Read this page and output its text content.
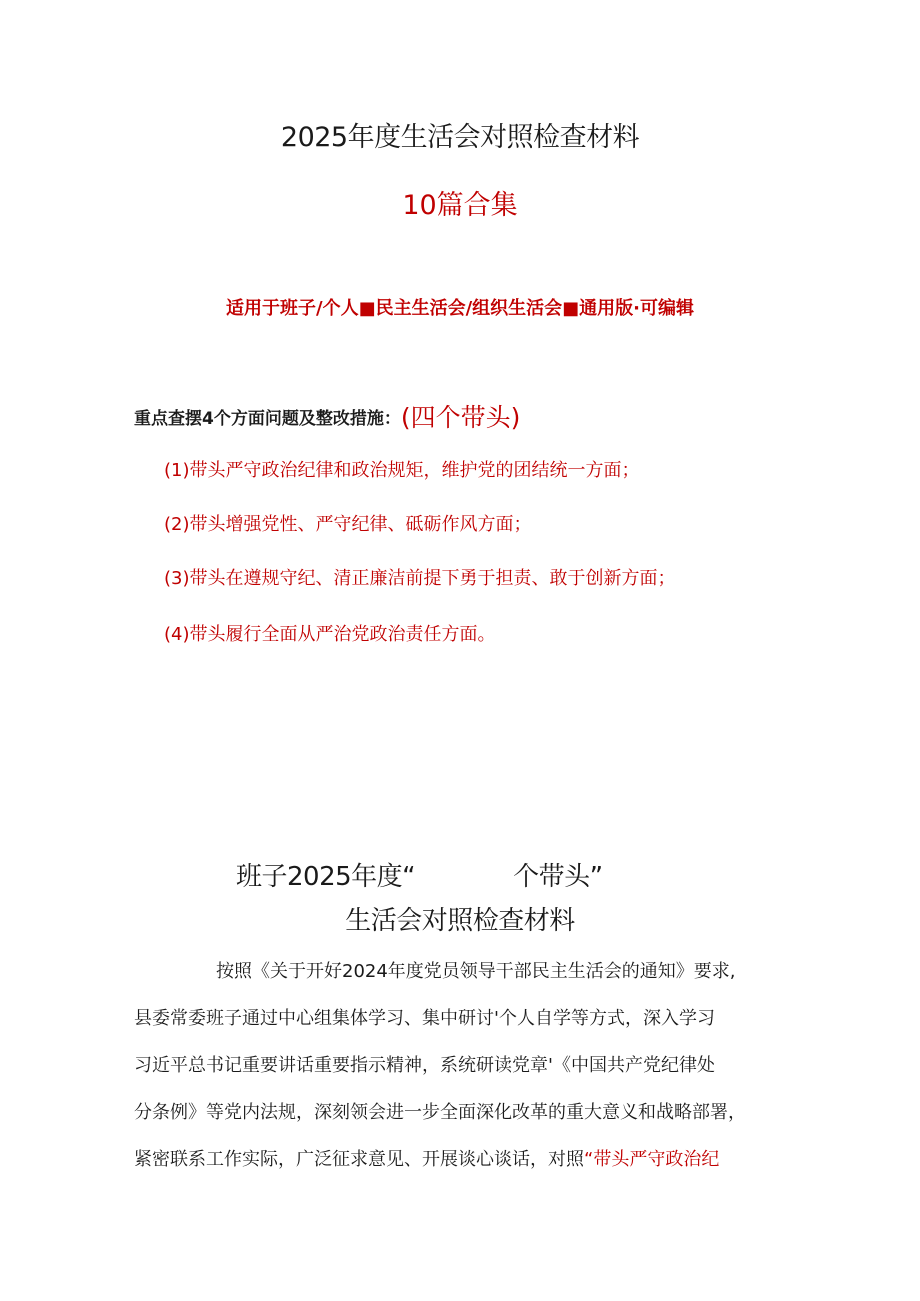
2025年度生活会对照检查材料
10篇合集
适用于班子/个人■民主生活会/组织生活会■通用版·可编辑
重点查摆4个方面问题及整改措施：(四个带头)
(1)带头严守政治纪律和政治规矩，维护党的团结统一方面；
(2)带头增强党性、严守纪律、砥砺作风方面；
(3)带头在遵规守纪、清正廉洁前提下勇于担责、敢于创新方面；
(4)带头履行全面从严治党政治责任方面。
班子2025年度“	个带头”
生活会对照检查材料
按照《关于开好2024年度党员领导干部民主生活会的通知》要求,
县委常委班子通过中心组集体学习、集中研讨'个人自学等方式，深入学习
习近平总书记重要讲话重要指示精神，系统研读党章'《中国共产党纪律处
分条例》等党内法规，深刻领会进一步全面深化改革的重大意义和战略部署，
紧密联系工作实际，广泛征求意见、开展谈心谈话，对照“带头严守政治纪
